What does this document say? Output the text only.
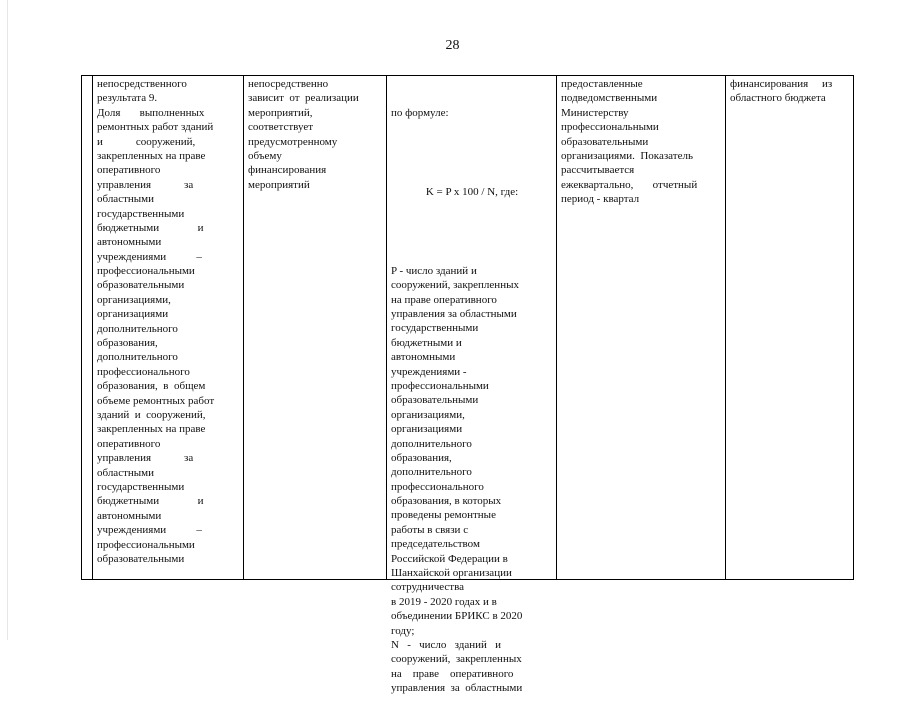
28
непосредственного
результата 9.
Доля       выполненных
ремонтных работ зданий
и            сооружений,
закрепленных на праве
оперативного
управления            за
областными
государственными
бюджетными              и
автономными
учреждениями           –
профессиональными
образовательными
организациями,
организациями
дополнительного
образования,
дополнительного
профессионального
образования,  в  общем
объеме ремонтных работ
зданий  и  сооружений,
закрепленных на праве
оперативного
управления            за
областными
государственными
бюджетными              и
автономными
учреждениями           –
профессиональными
образовательными
непосредственно
зависит  от  реализации
мероприятий,
соответствует
предусмотренному
объему
финансирования
мероприятий

по формуле:

K = P x 100 / N, где:

P - число зданий и
сооружений, закрепленных
на праве оперативного
управления за областными
государственными
бюджетными и
автономными
учреждениями -
профессиональными
образовательными
организациями,
организациями
дополнительного
образования,
дополнительного
профессионального
образования, в которых
проведены ремонтные
работы в связи с
председательством
Российской Федерации в
Шанхайской организации
сотрудничества
в 2019 - 2020 годах и в
объединении БРИКС в 2020
году;
N   -   число   зданий   и
сооружений,  закрепленных
на    праве    оперативного
управления  за  областными

предоставленные
подведомственными
Министерству
профессиональными
образовательными
организациями.  Показатель
рассчитывается
ежеквартально,       отчетный
период - квартал
финансирования     из
областного бюджета
